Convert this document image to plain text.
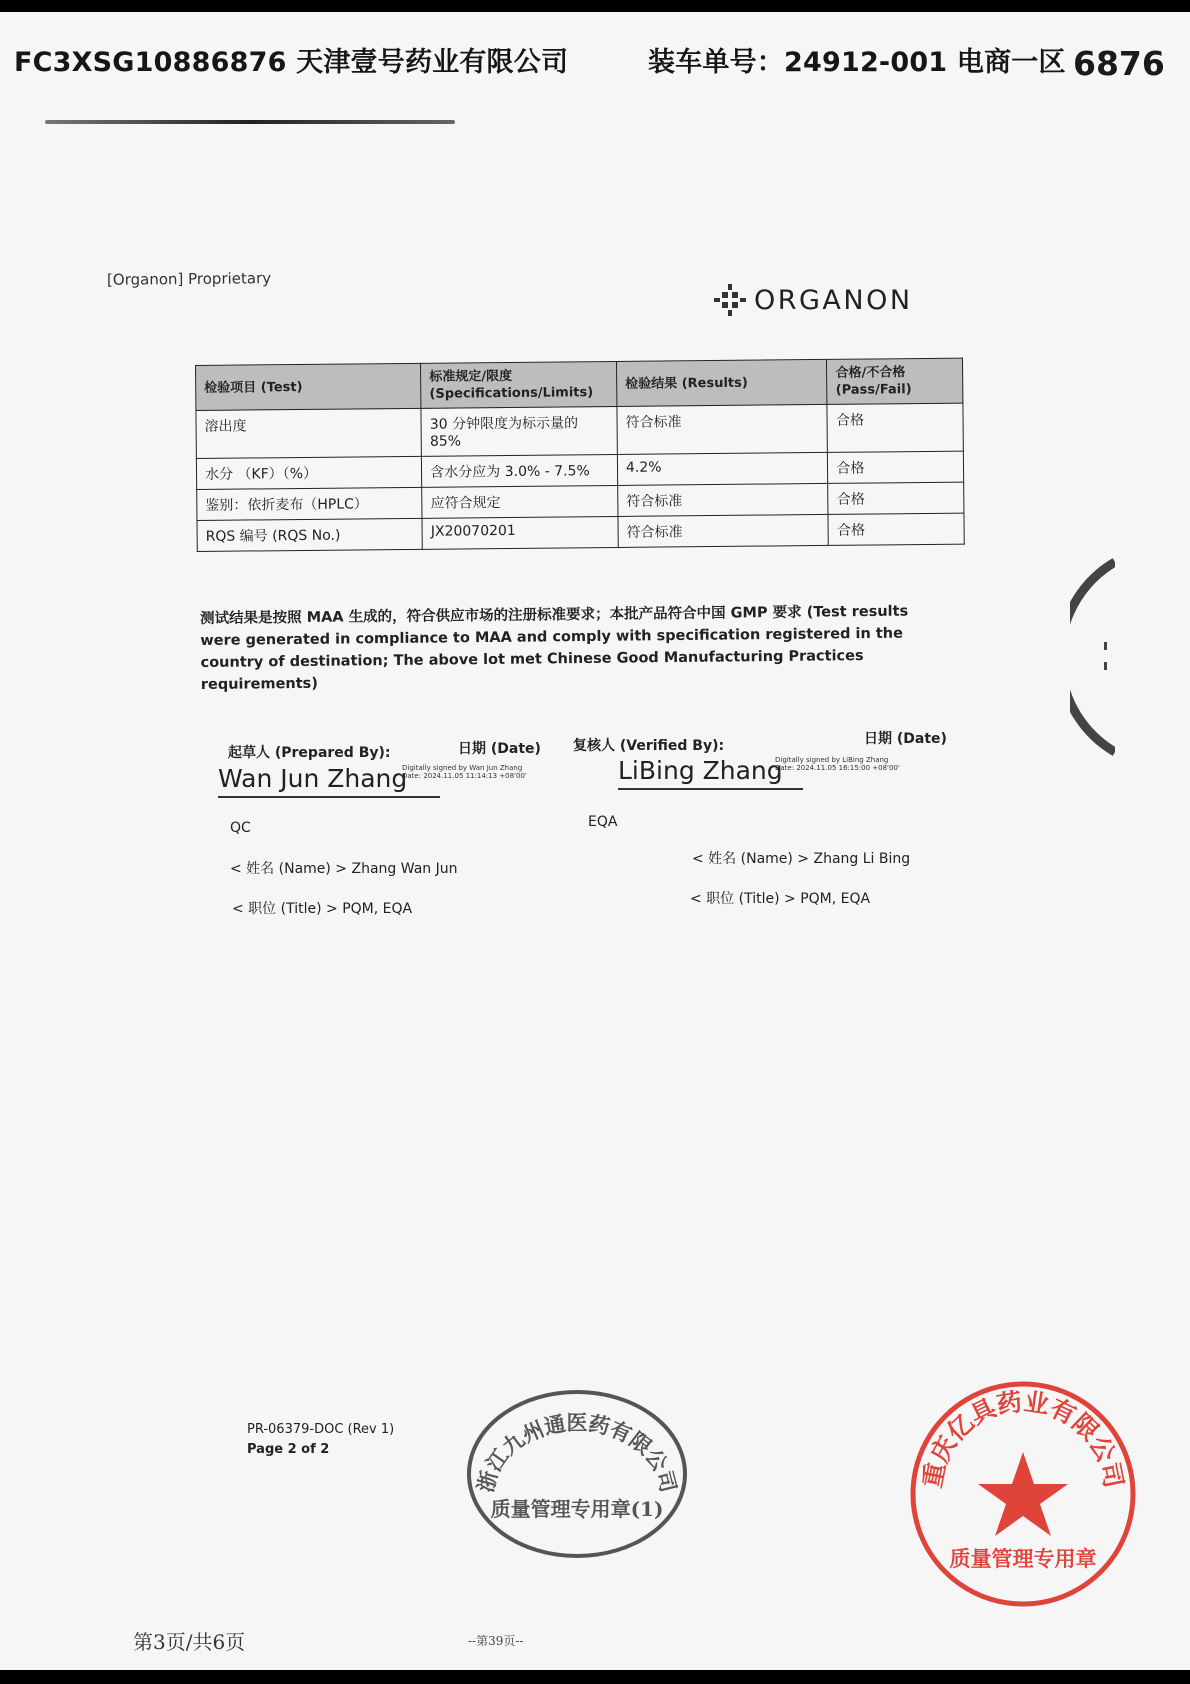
FC3XSG10886876 天津壹号药业有限公司	装车单号：24912-001 电商一区 6876
[Organon] Proprietary
ORGANON
检验项目 (Test)	标准规定/限度 (Specifications/Limits)	检验结果 (Results)	合格/不合格 (Pass/Fail)
溶出度	30 分钟限度为标示量的 85%	符合标准	合格
水分 （KF）（%）	含水分应为 3.0% - 7.5%	4.2%	合格
鉴别：依折麦布（HPLC）	应符合规定	符合标准	合格
RQS 编号 (RQS No.)	JX20070201	符合标准	合格
测试结果是按照 MAA 生成的，符合供应市场的注册标准要求；本批产品符合中国 GMP 要求 (Test results were generated in compliance to MAA and comply with specification registered in the country of destination; The above lot met Chinese Good Manufacturing Practices requirements)
起草人 (Prepared By):	日期 (Date)
Wan Jun Zhang
Digitally signed by Wan Jun Zhang
Date: 2024.11.05 11:14:13 +08'00'
QC
< 姓名 (Name) > Zhang Wan Jun
< 职位 (Title) > PQM, EQA
复核人 (Verified By):	日期 (Date)
LiBing Zhang
Digitally signed by LiBing Zhang
Date: 2024.11.05 16:15:00 +08'00'
EQA
< 姓名 (Name) > Zhang Li Bing
< 职位 (Title) > PQM, EQA
PR-06379-DOC (Rev 1)
Page 2 of 2
浙江九州通医药有限公司
质量管理专用章(1)
重庆亿具药业有限公司
质量管理专用章
第3页/共6页	--第39页--
